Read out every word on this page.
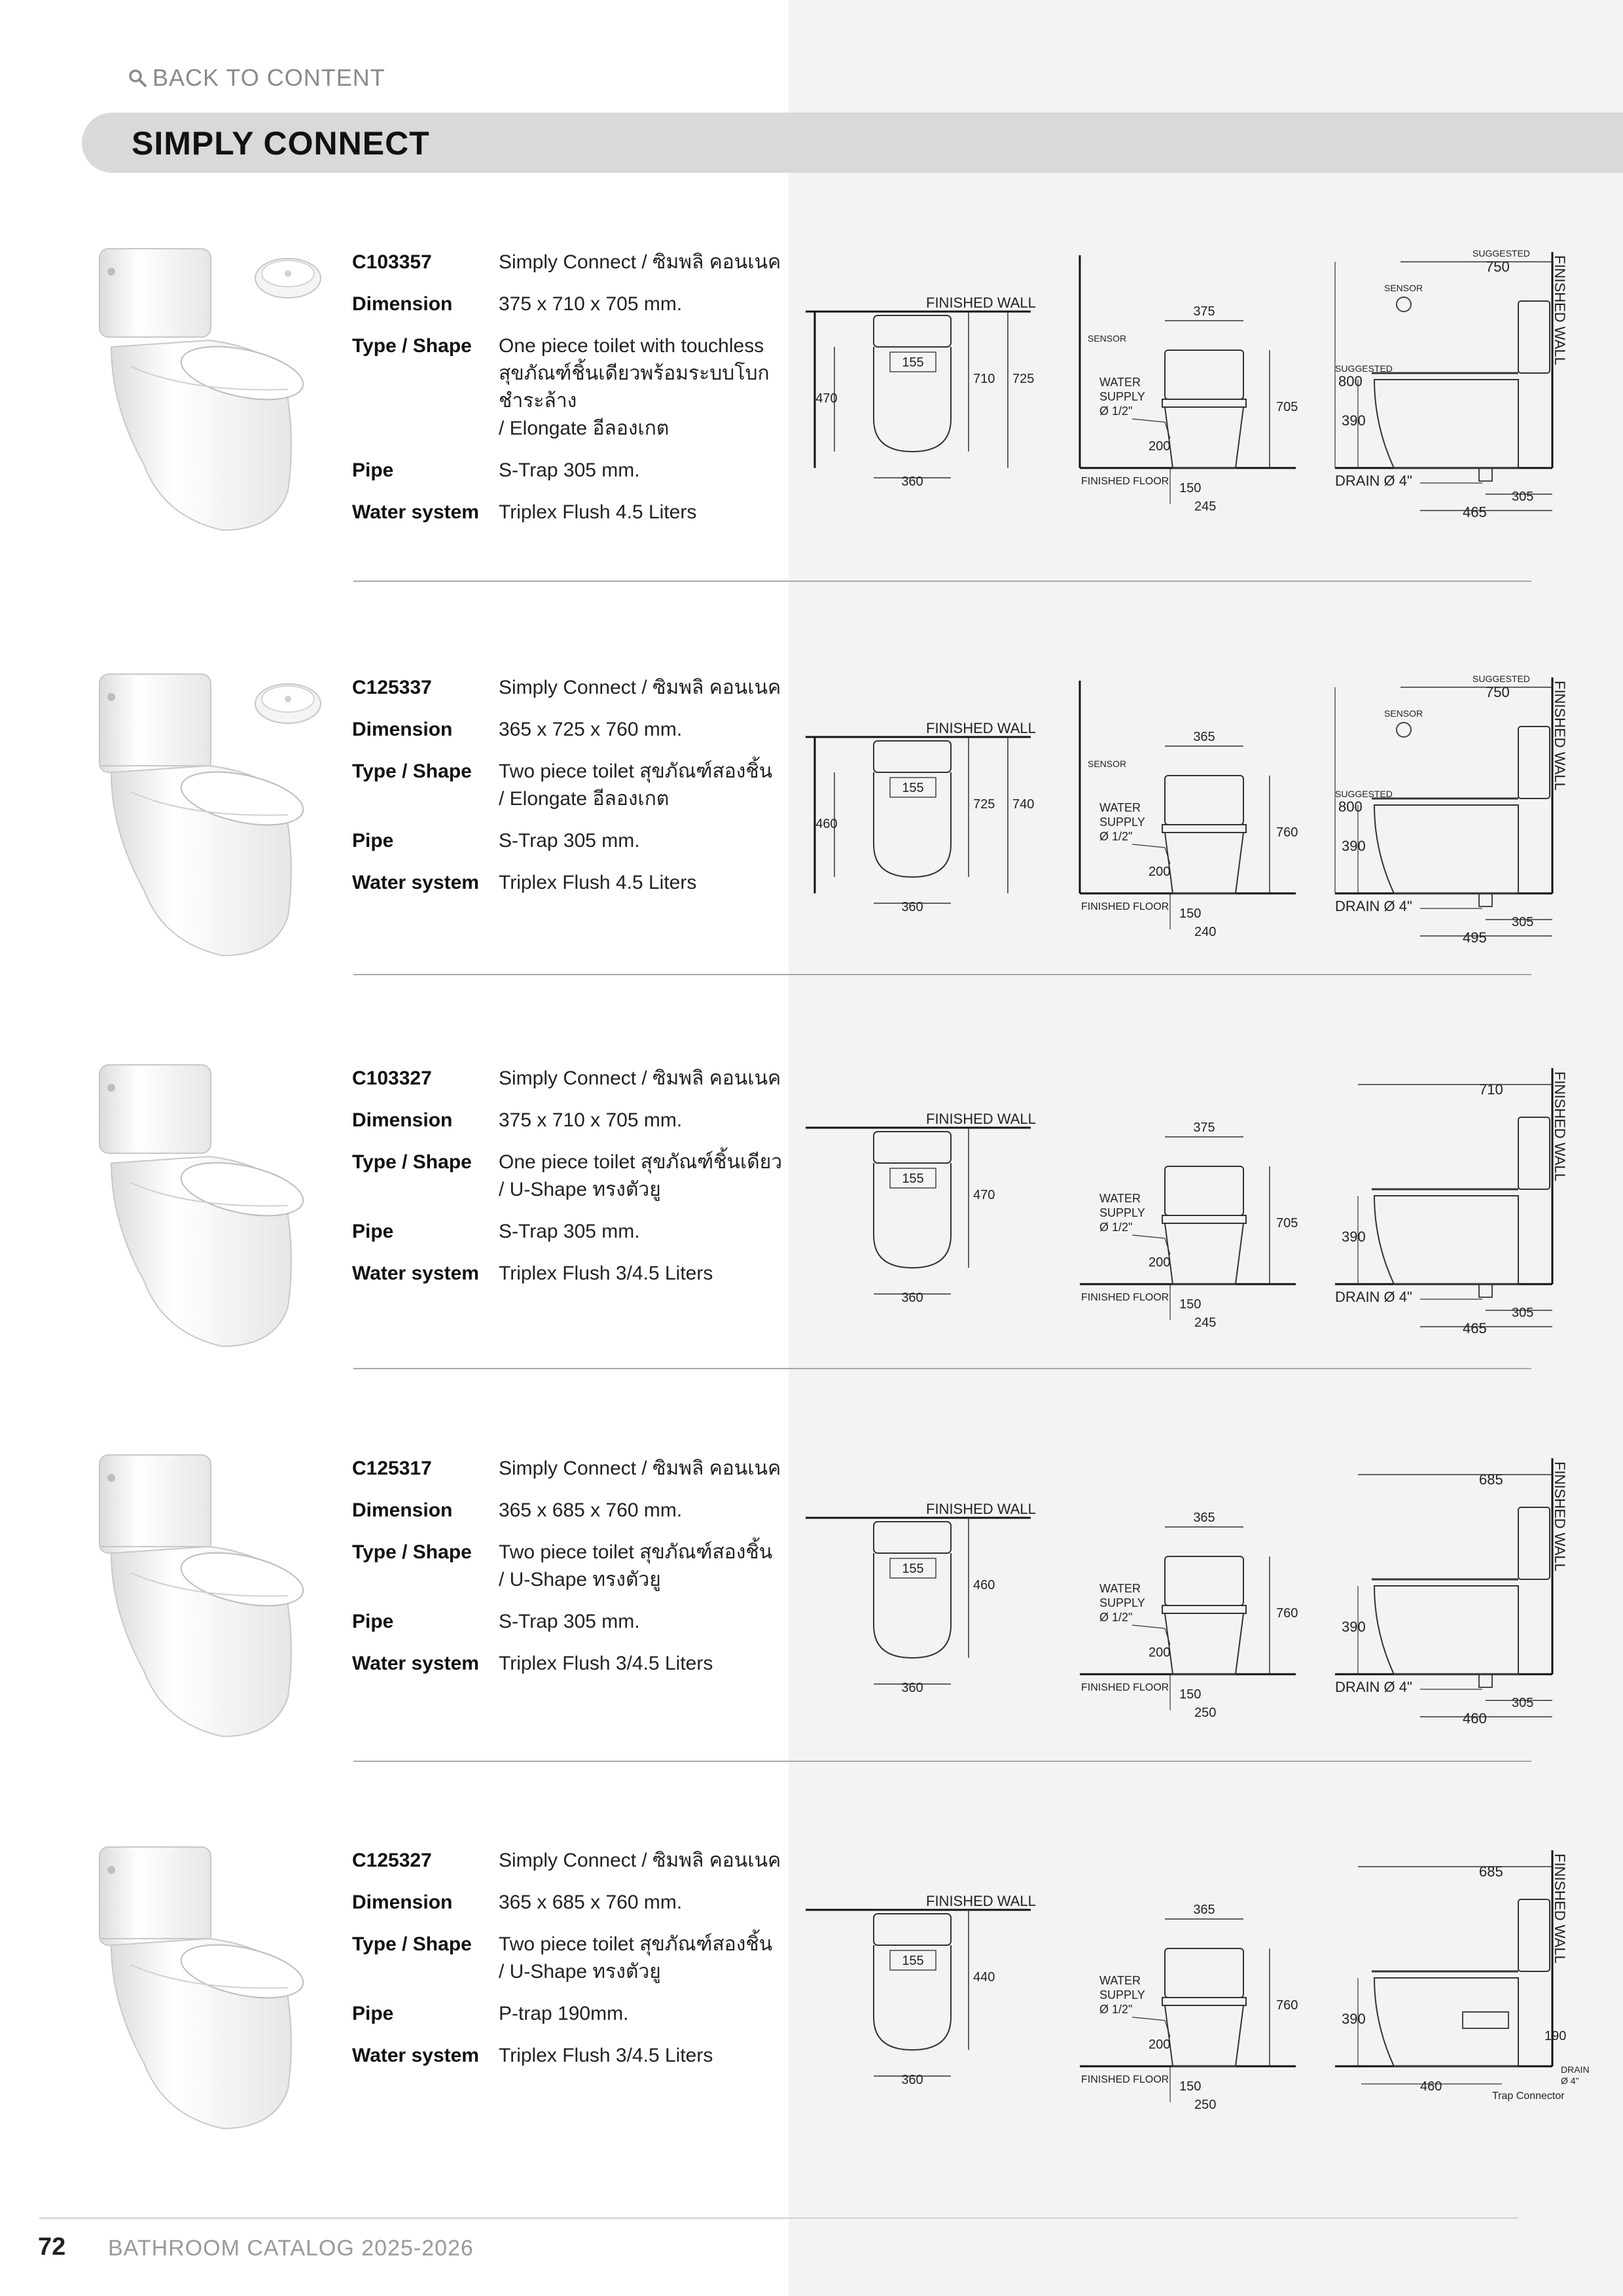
BACK TO CONTENT
SIMPLY CONNECT
C103357	Simply Connect / ซิมพลิ คอนเนค
Dimension	375 x 710 x 705 mm.
Type / Shape	One piece toilet with touchless
สุขภัณฑ์ชิ้นเดียวพร้อมระบบโบกชำระล้าง
/ Elongate อีลองเกต
Pipe	S-Trap 305 mm.
Water system	Triplex Flush 4.5 Liters
FINISHED WALL
155
710 725
470
360
SENSOR
FINISHED FLOOR
375
705
WATER
SUPPLY
Ø 1/2"
200
150
245
FINISHED WALL
SUGGESTED
750
SENSOR
SUGGESTED
800
390
DRAIN Ø 4"
305
465
C125337	Simply Connect / ซิมพลิ คอนเนค
Dimension	365 x 725 x 760 mm.
Type / Shape	Two piece toilet สุขภัณฑ์สองชิ้น
/ Elongate อีลองเกต
Pipe	S-Trap 305 mm.
Water system	Triplex Flush 4.5 Liters
FINISHED WALL
155
725 740
460
360
SENSOR
FINISHED FLOOR
365
760
WATER
SUPPLY
Ø 1/2"
200
150
240
FINISHED WALL
SUGGESTED
750
SENSOR
SUGGESTED
800
390
DRAIN Ø 4"
305
495
C103327	Simply Connect / ซิมพลิ คอนเนค
Dimension	375 x 710 x 705 mm.
Type / Shape	One piece toilet สุขภัณฑ์ชิ้นเดียว
/ U-Shape ทรงตัวยู
Pipe	S-Trap 305 mm.
Water system	Triplex Flush 3/4.5 Liters
FINISHED WALL
155
470
360	FINISHED FLOOR
375
705
WATER
SUPPLY
Ø 1/2"
200
150
245
FINISHED WALL
710
390
DRAIN Ø 4"
305
465
C125317	Simply Connect / ซิมพลิ คอนเนค
Dimension	365 x 685 x 760 mm.
Type / Shape	Two piece toilet สุขภัณฑ์สองชิ้น
/ U-Shape ทรงตัวยู
Pipe	S-Trap 305 mm.
Water system	Triplex Flush 3/4.5 Liters
FINISHED WALL
155
460
360	FINISHED FLOOR
365
760
WATER
SUPPLY
Ø 1/2"
200
150
250
FINISHED WALL
685
390
DRAIN Ø 4"
305
460
C125327	Simply Connect / ซิมพลิ คอนเนค
Dimension	365 x 685 x 760 mm.
Type / Shape	Two piece toilet สุขภัณฑ์สองชิ้น
/ U-Shape ทรงตัวยู
Pipe	P-trap 190mm.
Water system	Triplex Flush 3/4.5 Liters
FINISHED WALL
155
440
360	FINISHED FLOOR
365
760
WATER
SUPPLY
Ø 1/2"
200
150
250
FINISHED WALL
685
390
190
DRAIN
Ø 4"
Trap Connector
460
72 BATHROOM CATALOG 2025-2026
